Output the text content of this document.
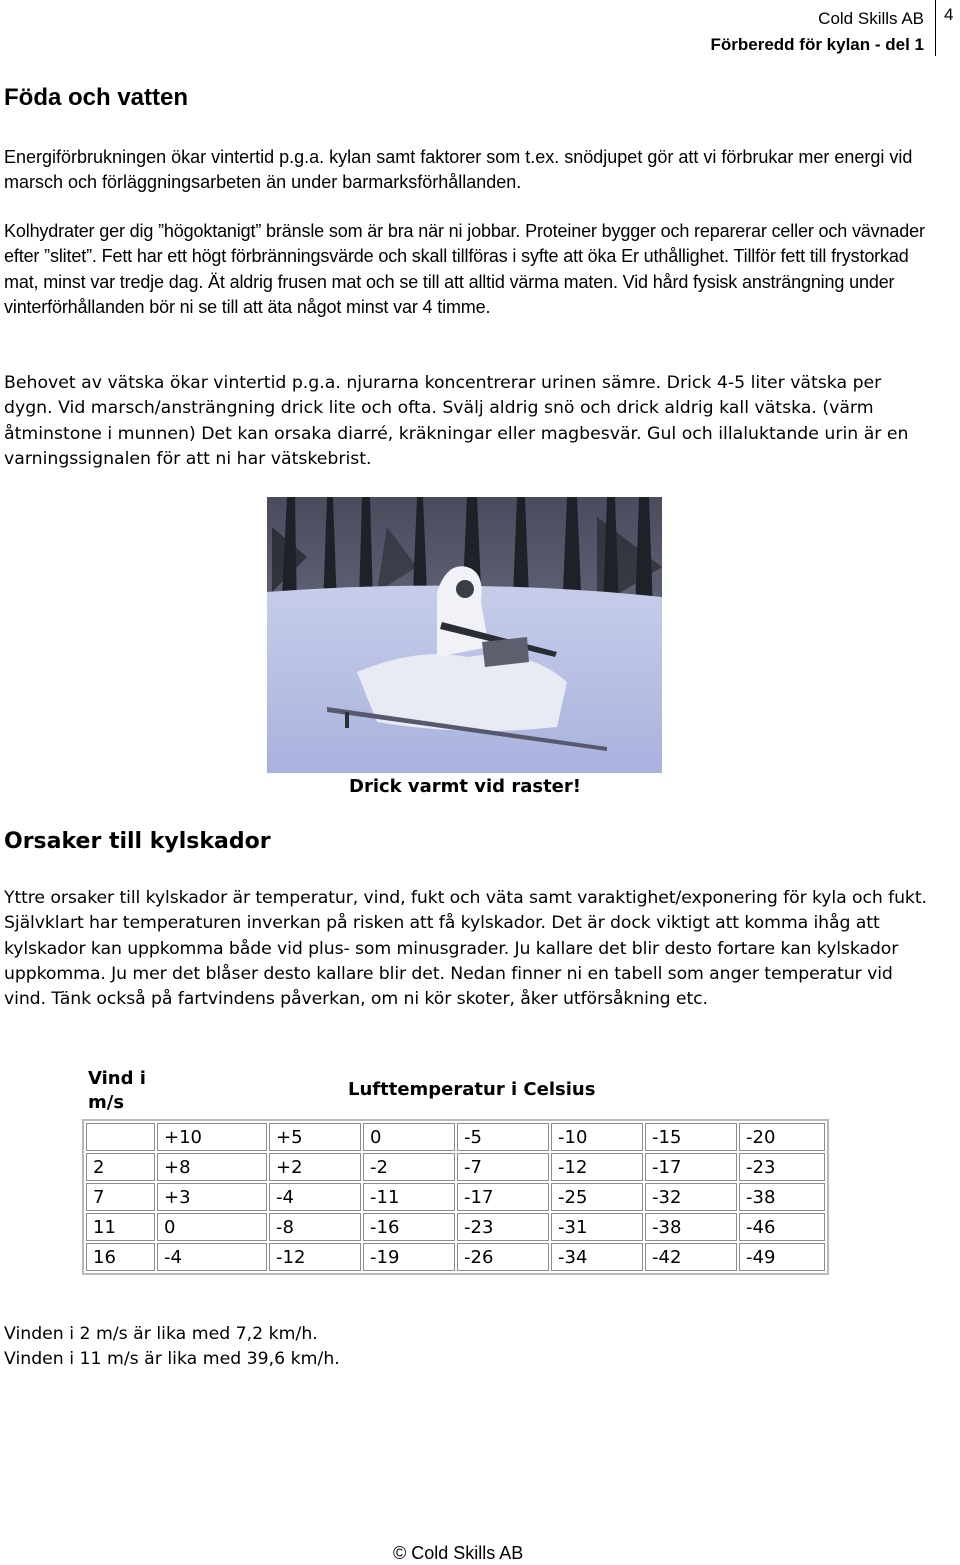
Cold Skills AB
Förberedd för kylan - del 1
4
Föda och vatten

Energiförbrukningen ökar vintertid p.g.a. kylan samt faktorer som t.ex. snödjupet gör att vi förbrukar mer energi vid marsch och förläggningsarbeten än under barmarksförhållanden.

Kolhydrater ger dig ”högoktanigt” bränsle som är bra när ni jobbar. Proteiner bygger och reparerar celler och vävnader efter ”slitet”. Fett har ett högt förbränningsvärde och skall tillföras i syfte att öka Er uthållighet. Tillför fett till frystorkad mat, minst var tredje dag. Ät aldrig frusen mat och se till att alltid värma maten. Vid hård fysisk ansträngning under vinterförhållanden bör ni se till att äta något minst var 4 timme.

Behovet av vätska ökar vintertid p.g.a. njurarna koncentrerar urinen sämre. Drick 4-5 liter vätska per dygn. Vid marsch/ansträngning drick lite och ofta. Svälj aldrig snö och drick aldrig kall vätska. (värm åtminstone i munnen) Det kan orsaka diarré, kräkningar eller magbesvär. Gul och illaluktande urin är en varningssignalen för att ni har vätskebrist.

Drick varmt vid raster!

Orsaker till kylskador

Yttre orsaker till kylskador är temperatur, vind, fukt och väta samt varaktighet/exponering för kyla och fukt. Självklart har temperaturen inverkan på risken att få kylskador. Det är dock viktigt att komma ihåg att kylskador kan uppkomma både vid plus- som minusgrader. Ju kallare det blir desto fortare kan kylskador uppkomma. Ju mer det blåser desto kallare blir det. Nedan finner ni en tabell som anger temperatur vid vind. Tänk också på fartvindens påverkan, om ni kör skoter, åker utförsåkning etc.

Vind i m/s

Lufttemperatur i Celsius

	+10	+5	0	-5	-10	-15	-20
2	+8	+2	-2	-7	-12	-17	-23
7	+3	-4	-11	-17	-25	-32	-38
11	0	-8	-16	-23	-31	-38	-46
16	-4	-12	-19	-26	-34	-42	-49

Vinden i 2 m/s är lika med 7,2 km/h.

Vinden i 11 m/s är lika med 39,6 km/h.

© Cold Skills AB
